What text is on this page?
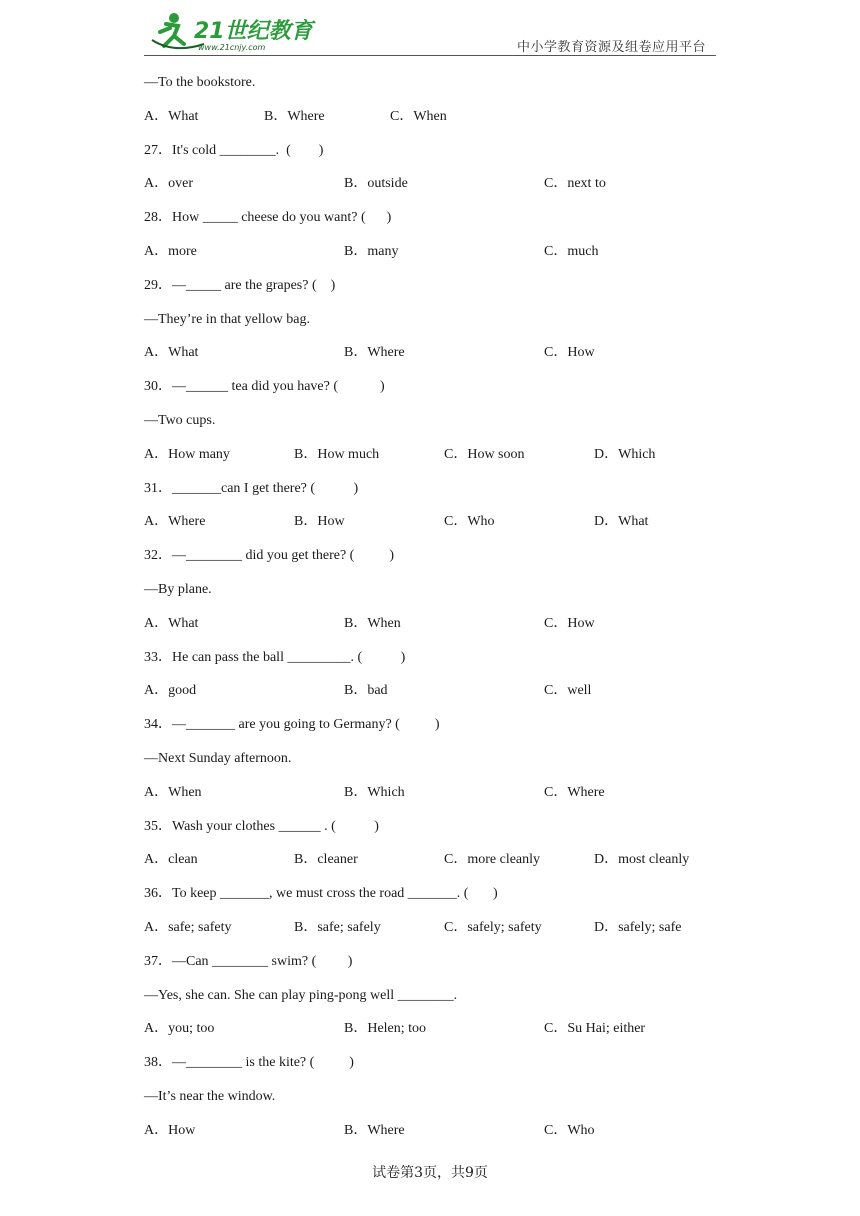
21世纪教育
www.21cnjy.com	中小学教育资源及组卷应用平台
—To the bookstore.
A．What	B．Where	C．When
27．It's cold ________.  (        )
A．over	B．outside	C．next to
28．How _____ cheese do you want? (      )
A．more	B．many	C．much
29．—_____ are the grapes? (    )
—They’re in that yellow bag.
A．What	B．Where	C．How
30．—______ tea did you have? (            )
—Two cups.
A．How many	B．How much	C．How soon	D．Which
31．_______can I get there? (           )
A．Where	B．How	C．Who	D．What
32．—________ did you get there? (          )
—By plane.
A．What	B．When	C．How
33．He can pass the ball _________. (           )
A．good	B．bad	C．well
34．—_______ are you going to Germany? (          )
—Next Sunday afternoon.
A．When	B．Which	C．Where
35．Wash your clothes ______ . (           )
A．clean	B．cleaner	C．more cleanly	D．most cleanly
36．To keep _______, we must cross the road _______. (       )
A．safe; safety	B．safe; safely	C．safely; safety	D．safely; safe
37．—Can ________ swim? (         )
—Yes, she can. She can play ping-pong well ________.
A．you; too	B．Helen; too	C．Su Hai; either
38．—________ is the kite? (          )
—It’s near the window.
A．How	B．Where	C．Who
试卷第3页，共9页
